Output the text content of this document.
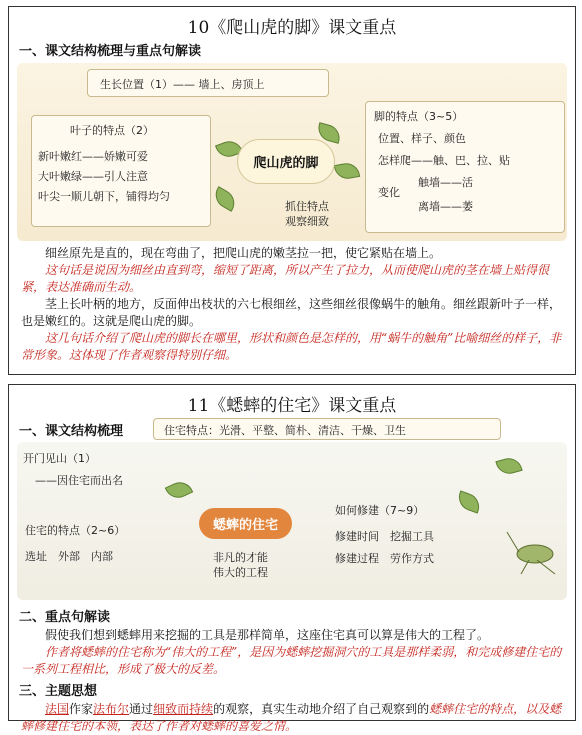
10《爬山虎的脚》课文重点
一、课文结构梳理与重点句解读
生长位置（1）—— 墙上、房顶上
叶子的特点（2）
新叶嫩红——娇嫩可爱
大叶嫩绿——引人注意
叶尖一顺儿朝下，铺得均匀
爬山虎的脚
脚的特点（3~5）
位置、样子、颜色
怎样爬——触、巴、拉、贴
变化
触墙——活
离墙——萎
抓住特点
观察细致

细丝原先是直的，现在弯曲了，把爬山虎的嫩茎拉一把，使它紧贴在墙上。

这句话是说因为细丝由直到弯，缩短了距离，所以产生了拉力，从而使爬山虎的茎在墙上贴得很紧，表达准确而生动。

茎上长叶柄的地方，反面伸出枝状的六七根细丝，这些细丝很像蜗牛的触角。细丝跟新叶子一样，也是嫩红的。这就是爬山虎的脚。

这几句话介绍了爬山虎的脚长在哪里，形状和颜色是怎样的，用“蜗牛的触角”比喻细丝的样子，非常形象。这体现了作者观察得特别仔细。

11《蟋蟀的住宅》课文重点
一、课文结构梳理	住宅特点：光滑、平整、简朴、清洁、干燥、卫生
开门见山（1）
——因住宅而出名
住宅的特点（2~6）
选址　外部　内部
蟋蟀的住宅
非凡的才能
伟大的工程
如何修建（7~9）
修建时间　挖掘工具
修建过程　劳作方式
二、重点句解读

假使我们想到蟋蟀用来挖掘的工具是那样简单，这座住宅真可以算是伟大的工程了。

作者将蟋蟀的住宅称为“伟大的工程”，是因为蟋蟀挖掘洞穴的工具是那样柔弱，和完成修建住宅的一系列工程相比，形成了极大的反差。

三、主题思想

法国作家法布尔通过细致而持续的观察，真实生动地介绍了自己观察到的蟋蟀住宅的特点，以及蟋蟀修建住宅的本领，表达了作者对蟋蟀的喜爱之情。
